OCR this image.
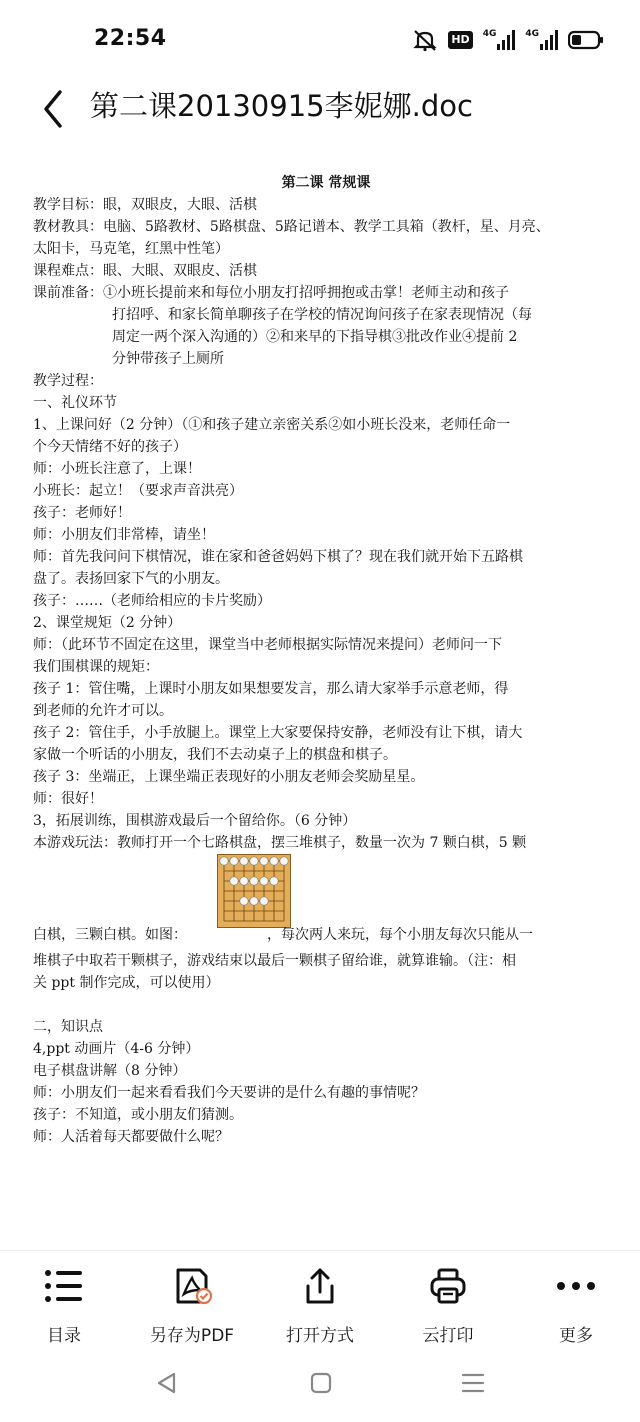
22:54	HD	4G	4G
第二课20130915李妮娜.doc
第二课 常规课
教学目标：眼，双眼皮，大眼、活棋
教材教具：电脑、5路教材、5路棋盘、5路记谱本、教学工具箱（教杆，星、月亮、
太阳卡，马克笔，红黑中性笔）
课程难点：眼、大眼、双眼皮、活棋
课前准备：①小班长提前来和每位小朋友打招呼拥抱或击掌！老师主动和孩子
打招呼、和家长简单聊孩子在学校的情况询问孩子在家表现情况（每
周定一两个深入沟通的）②和来早的下指导棋③批改作业④提前 2
分钟带孩子上厕所
教学过程：
一、礼仪环节
1、上课问好（2 分钟）（①和孩子建立亲密关系②如小班长没来，老师任命一
个今天情绪不好的孩子）
师：小班长注意了，上课！
小班长：起立！（要求声音洪亮）
孩子：老师好！
师：小朋友们非常棒，请坐！
师：首先我问问下棋情况，谁在家和爸爸妈妈下棋了？现在我们就开始下五路棋
盘了。表扬回家下气的小朋友。
孩子：……（老师给相应的卡片奖励）
2、课堂规矩（2 分钟）
师：（此环节不固定在这里，课堂当中老师根据实际情况来提问）老师问一下
我们围棋课的规矩：
孩子 1：管住嘴，上课时小朋友如果想要发言，那么请大家举手示意老师，得
到老师的允许才可以。
孩子 2：管住手，小手放腿上。课堂上大家要保持安静，老师没有让下棋，请大
家做一个听话的小朋友，我们不去动桌子上的棋盘和棋子。
孩子 3：坐端正，上课坐端正表现好的小朋友老师会奖励星星。
师：很好！
3，拓展训练，围棋游戏最后一个留给你。（6 分钟）
本游戏玩法：教师打开一个七路棋盘，摆三堆棋子，数量一次为 7 颗白棋，5 颗
白棋，三颗白棋。如图：	，每次两人来玩，每个小朋友每次只能从一
堆棋子中取若干颗棋子，游戏结束以最后一颗棋子留给谁，就算谁输。（注：相
关 ppt 制作完成，可以使用）
二，知识点
4,ppt 动画片（4-6 分钟）
电子棋盘讲解（8 分钟）
师：小朋友们一起来看看我们今天要讲的是什么有趣的事情呢？
孩子：不知道，或小朋友们猜测。
师：人活着每天都要做什么呢？
目录	另存为PDF	打开方式	云打印	更多
